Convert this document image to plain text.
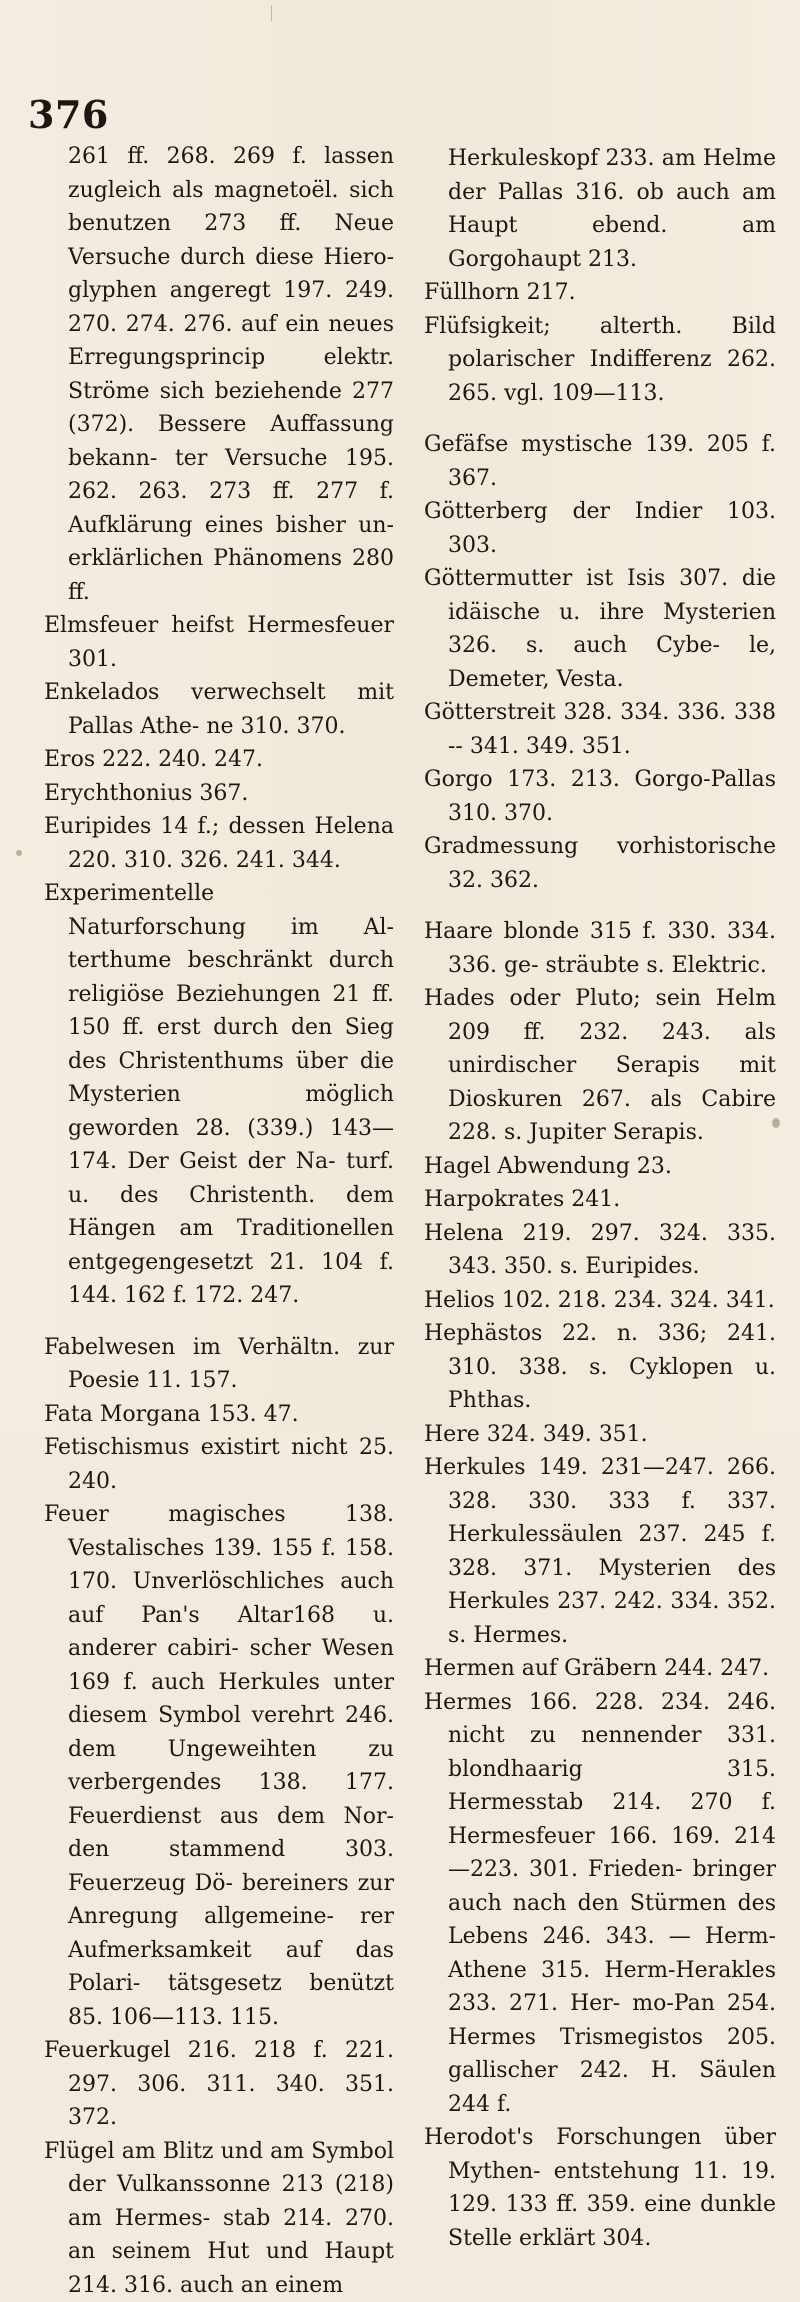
376

261 ff. 268. 269 f. lassen zugleich als magnetoël. sich benutzen 273 ff. Neue Versuche durch diese Hiero- glyphen angeregt 197. 249. 270. 274. 276. auf ein neues Erregungsprincip elektr. Ströme sich beziehende 277 (372). Bessere Auffassung bekann- ter Versuche 195. 262. 263. 273 ff. 277 f. Aufklärung eines bisher un- erklärlichen Phänomens 280 ff.

Elmsfeuer heifst Hermesfeuer 301.

Enkelados verwechselt mit Pallas Athe- ne 310. 370.

Eros 222. 240. 247.

Erychthonius 367.

Euripides 14 f.; dessen Helena 220. 310. 326. 241. 344.

Experimentelle Naturforschung im Al- terthume beschränkt durch religiöse Beziehungen 21 ff. 150 ff. erst durch den Sieg des Christenthums über die Mysterien möglich geworden 28. (339.) 143—174. Der Geist der Na- turf. u. des Christenth. dem Hängen am Traditionellen entgegengesetzt 21. 104 f. 144. 162 f. 172. 247.

Fabelwesen im Verhältn. zur Poesie 11. 157.

Fata Morgana 153. 47.

Fetischismus existirt nicht 25. 240.

Feuer magisches 138. Vestalisches 139. 155 f. 158. 170. Unverlöschliches auch auf Pan's Altar168 u. anderer cabiri- scher Wesen 169 f. auch Herkules unter diesem Symbol verehrt 246. dem Ungeweihten zu verbergendes 138. 177. Feuerdienst aus dem Nor- den stammend 303. Feuerzeug Dö- bereiners zur Anregung allgemeine- rer Aufmerksamkeit auf das Polari- tätsgesetz benützt 85. 106—113. 115.

Feuerkugel 216. 218 f. 221. 297. 306. 311. 340. 351. 372.

Flügel am Blitz und am Symbol der Vulkanssonne 213 (218) am Hermes- stab 214. 270. an seinem Hut und Haupt 214. 316. auch an einem

Herkuleskopf 233. am Helme der Pallas 316. ob auch am Haupt ebend. am Gorgohaupt 213.

Füllhorn 217.

Flüfsigkeit; alterth. Bild polarischer Indifferenz 262. 265. vgl. 109—113.

Gefäfse mystische 139. 205 f. 367.

Götterberg der Indier 103. 303.

Göttermutter ist Isis 307. die idäische u. ihre Mysterien 326. s. auch Cybe- le, Demeter, Vesta.

Götterstreit 328. 334. 336. 338 -- 341. 349. 351.

Gorgo 173. 213. Gorgo-Pallas 310. 370.

Gradmessung vorhistorische 32. 362.

Haare blonde 315 f. 330. 334. 336. ge- sträubte s. Elektric.

Hades oder Pluto; sein Helm 209 ff. 232. 243. als unirdischer Serapis mit Dioskuren 267. als Cabire 228. s. Jupiter Serapis.

Hagel Abwendung 23.

Harpokrates 241.

Helena 219. 297. 324. 335. 343. 350. s. Euripides.

Helios 102. 218. 234. 324. 341.

Hephästos 22. n. 336; 241. 310. 338. s. Cyklopen u. Phthas.

Here 324. 349. 351.

Herkules 149. 231—247. 266. 328. 330. 333 f. 337. Herkulessäulen 237. 245 f. 328. 371. Mysterien des Herkules 237. 242. 334. 352. s. Hermes.

Hermen auf Gräbern 244. 247.

Hermes 166. 228. 234. 246. nicht zu nennender 331. blondhaarig 315. Hermesstab 214. 270 f. Hermesfeuer 166. 169. 214—223. 301. Frieden- bringer auch nach den Stürmen des Lebens 246. 343. — Herm-Athene 315. Herm-Herakles 233. 271. Her- mo-Pan 254. Hermes Trismegistos 205. gallischer 242. H. Säulen 244 f.

Herodot's Forschungen über Mythen- entstehung 11. 19. 129. 133 ff. 359. eine dunkle Stelle erklärt 304.
